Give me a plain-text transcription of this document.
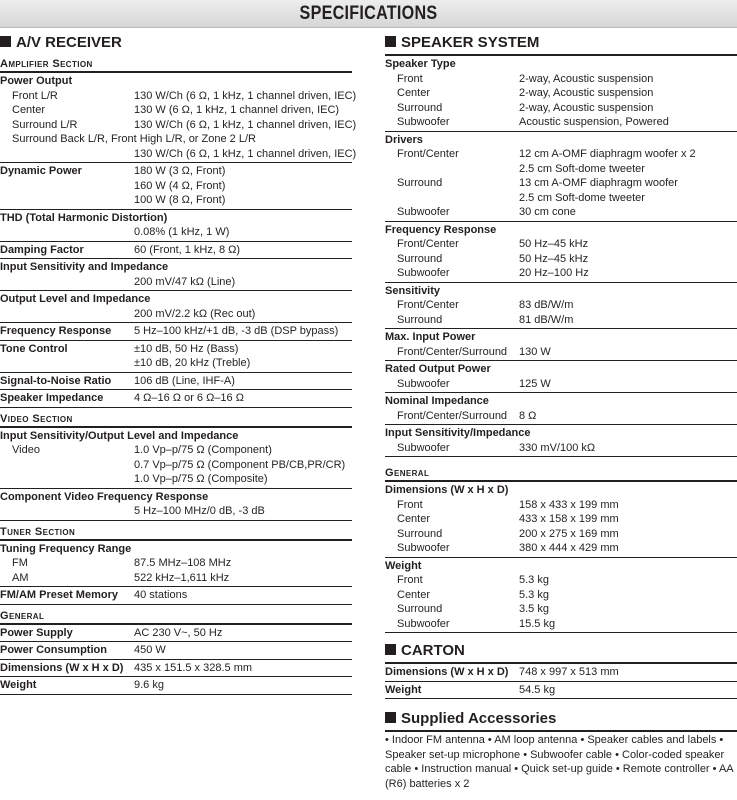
SPECIFICATIONS
A/V RECEIVER
Amplifier Section
Power Output
Front L/R	130 W/Ch (6 Ω, 1 kHz, 1 channel driven, IEC)
Center	130 W (6 Ω, 1 kHz, 1 channel driven, IEC)
Surround L/R	130 W/Ch (6 Ω, 1 kHz, 1 channel driven, IEC)
Surround Back L/R, Front High L/R, or Zone 2 L/R
130 W/Ch (6 Ω, 1 kHz, 1 channel driven, IEC)
Dynamic Power	180 W (3 Ω, Front)
160 W (4 Ω, Front)
100 W (8 Ω, Front)
THD (Total Harmonic Distortion)
0.08% (1 kHz, 1 W)
Damping Factor	60 (Front, 1 kHz, 8 Ω)
Input Sensitivity and Impedance
200 mV/47 kΩ (Line)
Output Level and Impedance
200 mV/2.2 kΩ (Rec out)
Frequency Response	5 Hz–100 kHz/+1 dB, -3 dB (DSP bypass)
Tone Control	±10 dB, 50 Hz (Bass)
±10 dB, 20 kHz (Treble)
Signal-to-Noise Ratio	106 dB (Line, IHF-A)
Speaker Impedance	4 Ω–16 Ω or 6 Ω–16 Ω
Video Section
Input Sensitivity/Output Level and Impedance
Video	1.0 Vp–p/75 Ω (Component)
0.7 Vp–p/75 Ω (Component PB/CB,PR/CR)
1.0 Vp–p/75 Ω (Composite)
Component Video Frequency Response
5 Hz–100 MHz/0 dB, -3 dB
Tuner Section
Tuning Frequency Range
FM	87.5 MHz–108 MHz
AM	522 kHz–1,611 kHz
FM/AM Preset Memory	40 stations
General
Power Supply	AC 230 V~, 50 Hz
Power Consumption	450 W
Dimensions (W x H x D) 435 x 151.5 x 328.5 mm
Weight	9.6 kg
SPEAKER SYSTEM
Speaker Type
Front	2-way, Acoustic suspension
Center	2-way, Acoustic suspension
Surround	2-way, Acoustic suspension
Subwoofer	Acoustic suspension, Powered
Drivers
Front/Center	12 cm A-OMF diaphragm woofer x 2
2.5 cm Soft-dome tweeter
Surround	13 cm A-OMF diaphragm woofer
2.5 cm Soft-dome tweeter
Subwoofer	30 cm cone
Frequency Response
Front/Center	50 Hz–45 kHz
Surround	50 Hz–45 kHz
Subwoofer	20 Hz–100 Hz
Sensitivity
Front/Center	83 dB/W/m
Surround	81 dB/W/m
Max. Input Power
Front/Center/Surround	130 W
Rated Output Power
Subwoofer	125 W
Nominal Impedance
Front/Center/Surround	8 Ω
Input Sensitivity/Impedance
Subwoofer	330 mV/100 kΩ
General
Dimensions (W x H x D)
Front	158 x 433 x 199 mm
Center	433 x 158 x 199 mm
Surround	200 x 275 x 169 mm
Subwoofer	380 x 444 x 429 mm
Weight
Front	5.3 kg
Center	5.3 kg
Surround	3.5 kg
Subwoofer	15.5 kg
CARTON
Dimensions (W x H x D) 748 x 997 x 513 mm
Weight	54.5 kg
Supplied Accessories
• Indoor FM antenna • AM loop antenna • Speaker cables and labels • Speaker set-up microphone • Subwoofer cable • Color-coded speaker cable • Instruction manual • Quick set-up guide • Remote controller • AA (R6) batteries x 2
